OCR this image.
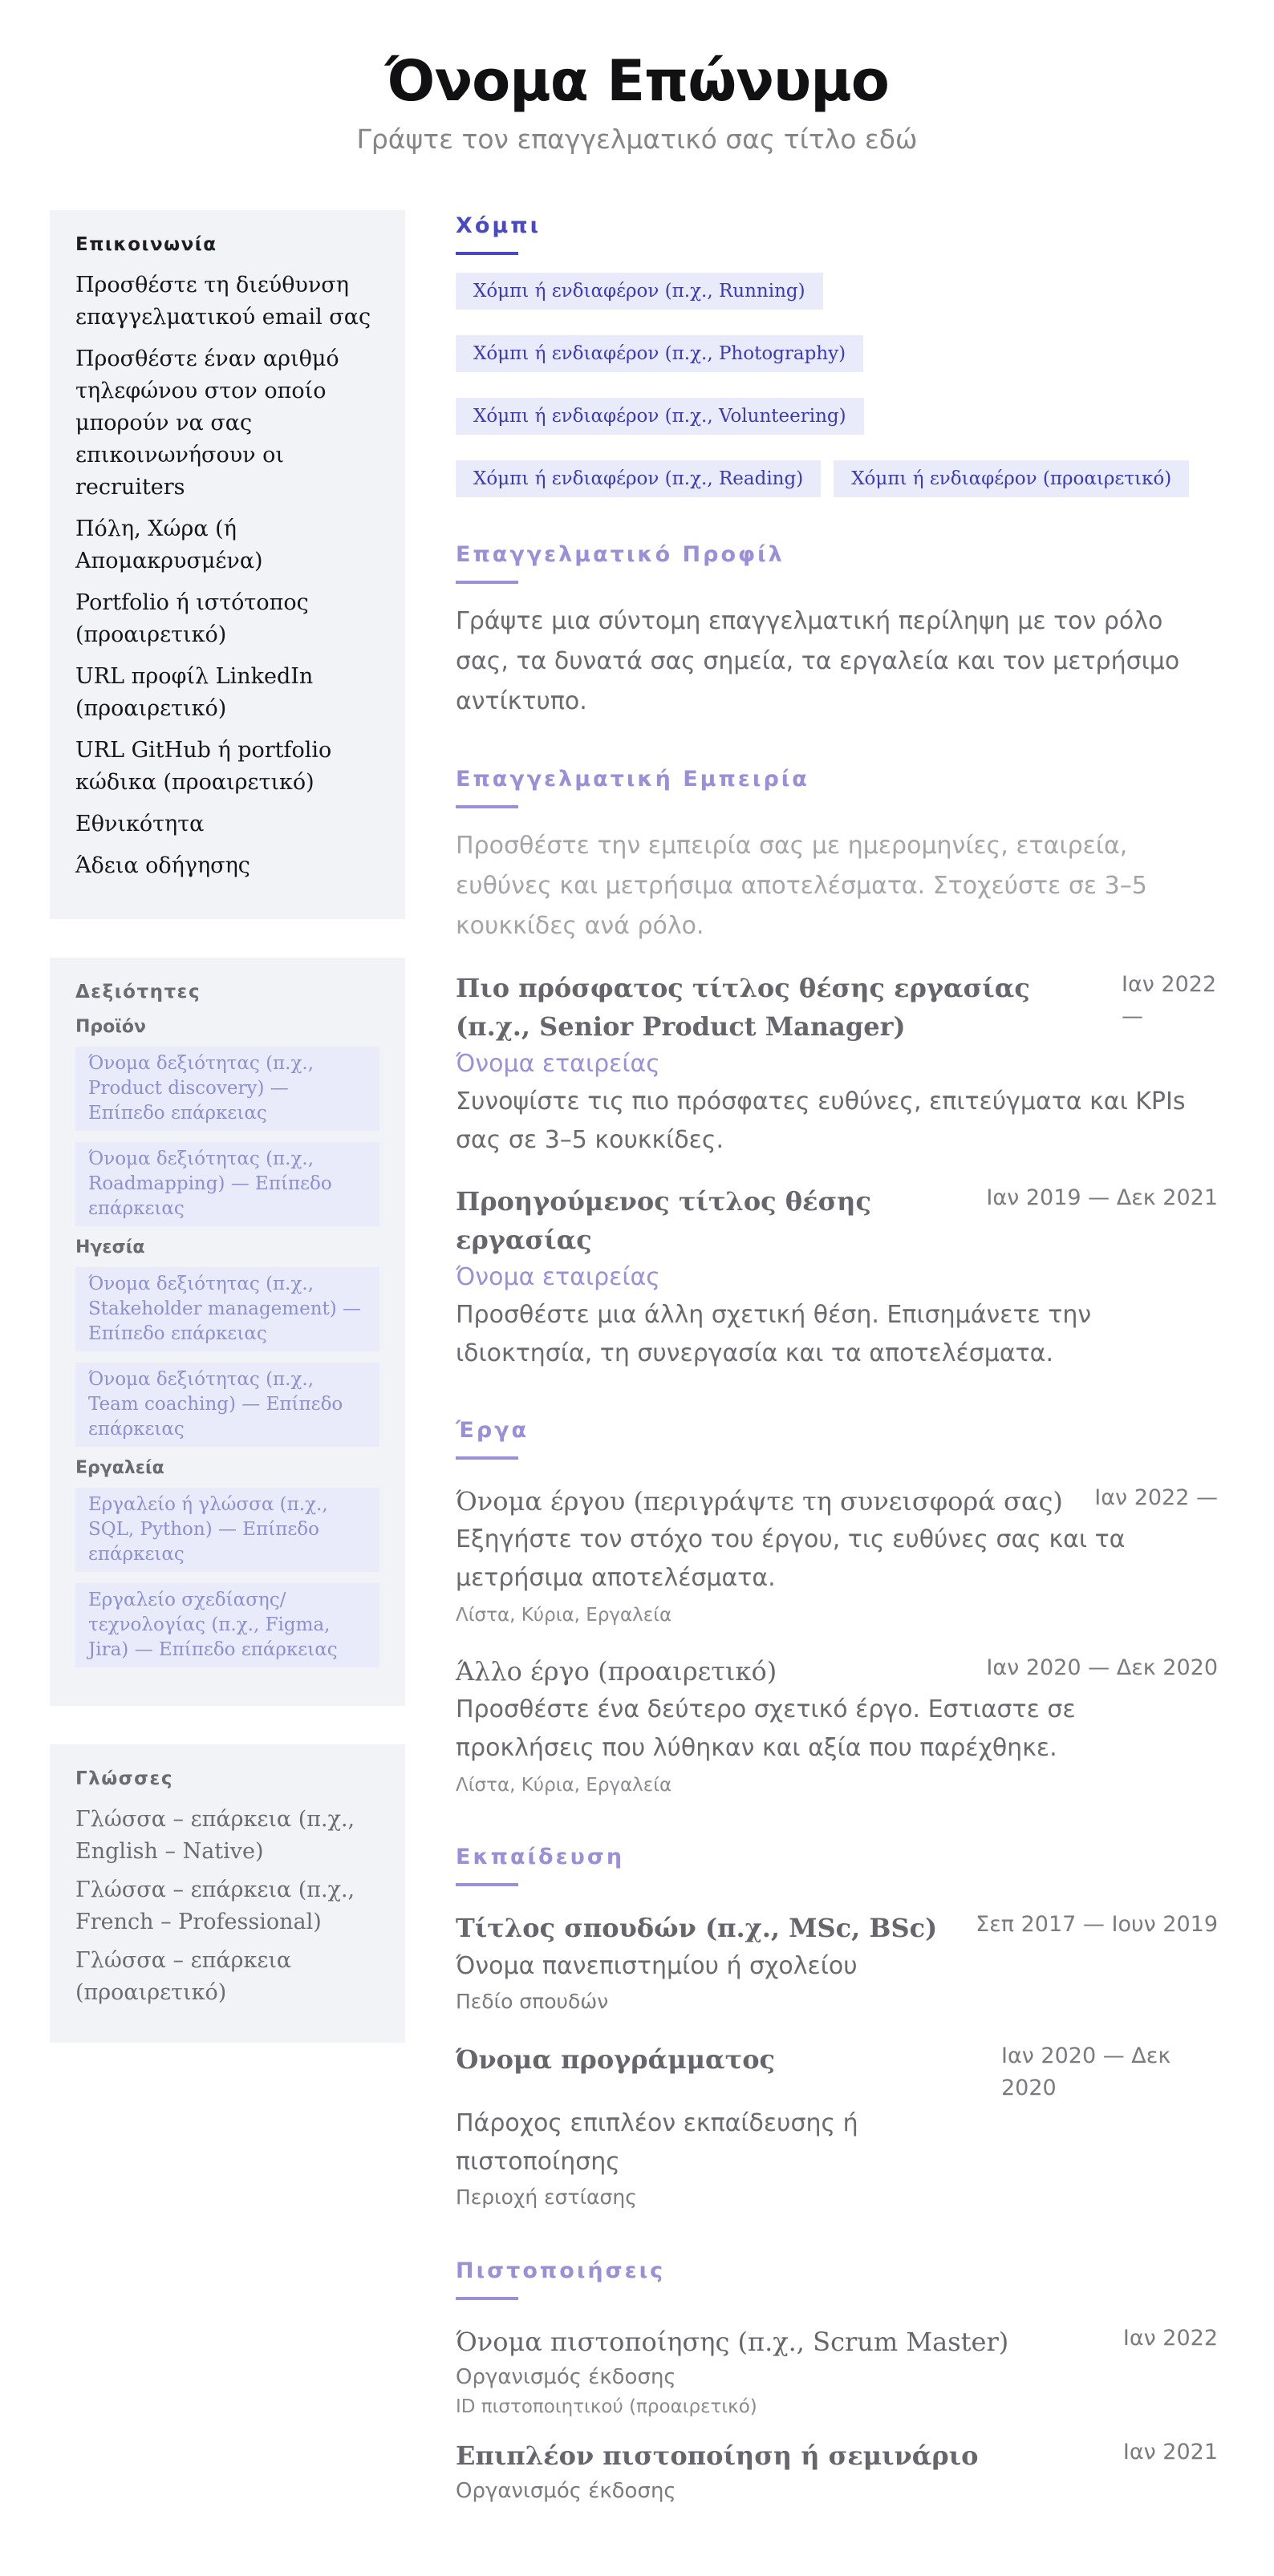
Όνομα Επώνυμο
Γράψτε τον επαγγελματικό σας τίτλο εδώ
Επικοινωνία
Προσθέστε τη διεύθυνση επαγγελματικού email σας
Προσθέστε έναν αριθμό τηλεφώνου στον οποίο μπορούν να σας επικοινωνήσουν οι recruiters
Πόλη, Χώρα (ή Απομακρυσμένα)
Portfolio ή ιστότοπος (προαιρετικό)
URL προφίλ LinkedIn (προαιρετικό)
URL GitHub ή portfolio κώδικα (προαιρετικό)
Εθνικότητα
Άδεια οδήγησης
Δεξιότητες
Προϊόν
Όνομα δεξιότητας (π.χ., Product discovery) — Επίπεδο επάρκειας
Όνομα δεξιότητας (π.χ., Roadmapping) — Επίπεδο επάρκειας
Ηγεσία
Όνομα δεξιότητας (π.χ., Stakeholder management) — Επίπεδο επάρκειας
Όνομα δεξιότητας (π.χ., Team coaching) — Επίπεδο επάρκειας
Εργαλεία
Εργαλείο ή γλώσσα (π.χ., SQL, Python) — Επίπεδο επάρκειας
Εργαλείο σχεδίασης/τεχνολογίας (π.χ., Figma, Jira) — Επίπεδο επάρκειας
Γλώσσες
Γλώσσα – επάρκεια (π.χ., English – Native)
Γλώσσα – επάρκεια (π.χ., French – Professional)
Γλώσσα – επάρκεια (προαιρετικό)
Χόμπι
Χόμπι ή ενδιαφέρον (π.χ., Running)
Χόμπι ή ενδιαφέρον (π.χ., Photography)
Χόμπι ή ενδιαφέρον (π.χ., Volunteering)
Χόμπι ή ενδιαφέρον (π.χ., Reading)	Χόμπι ή ενδιαφέρον (προαιρετικό)
Επαγγελματικό Προφίλ
Γράψτε μια σύντομη επαγγελματική περίληψη με τον ρόλο σας, τα δυνατά σας σημεία, τα εργαλεία και τον μετρήσιμο αντίκτυπο.
Επαγγελματική Εμπειρία
Προσθέστε την εμπειρία σας με ημερομηνίες, εταιρεία, ευθύνες και μετρήσιμα αποτελέσματα. Στοχεύστε σε 3–5 κουκκίδες ανά ρόλο.
Πιο πρόσφατος τίτλος θέσης εργασίας (π.χ., Senior Product Manager)
Ιαν 2022 —
Όνομα εταιρείας
Συνοψίστε τις πιο πρόσφατες ευθύνες, επιτεύγματα και KPIs σας σε 3–5 κουκκίδες.
Προηγούμενος τίτλος θέσης εργασίας
Ιαν 2019 — Δεκ 2021
Όνομα εταιρείας
Προσθέστε μια άλλη σχετική θέση. Επισημάνετε την ιδιοκτησία, τη συνεργασία και τα αποτελέσματα.
Έργα
Όνομα έργου (περιγράψτε τη συνεισφορά σας)	Ιαν 2022 —
Εξηγήστε τον στόχο του έργου, τις ευθύνες σας και τα μετρήσιμα αποτελέσματα.
Λίστα, Κύρια, Εργαλεία
Άλλο έργο (προαιρετικό)	Ιαν 2020 — Δεκ 2020
Προσθέστε ένα δεύτερο σχετικό έργο. Εστιαστε σε προκλήσεις που λύθηκαν και αξία που παρέχθηκε.
Λίστα, Κύρια, Εργαλεία
Εκπαίδευση
Τίτλος σπουδών (π.χ., MSc, BSc)	Σεπ 2017 — Ιουν 2019
Όνομα πανεπιστημίου ή σχολείου
Πεδίο σπουδών
Όνομα προγράμματος	Ιαν 2020 — Δεκ 2020
Πάροχος επιπλέον εκπαίδευσης ή πιστοποίησης
Περιοχή εστίασης
Πιστοποιήσεις
Όνομα πιστοποίησης (π.χ., Scrum Master)	Ιαν 2022
Οργανισμός έκδοσης
ID πιστοποιητικού (προαιρετικό)
Επιπλέον πιστοποίηση ή σεμινάριο	Ιαν 2021
Οργανισμός έκδοσης
